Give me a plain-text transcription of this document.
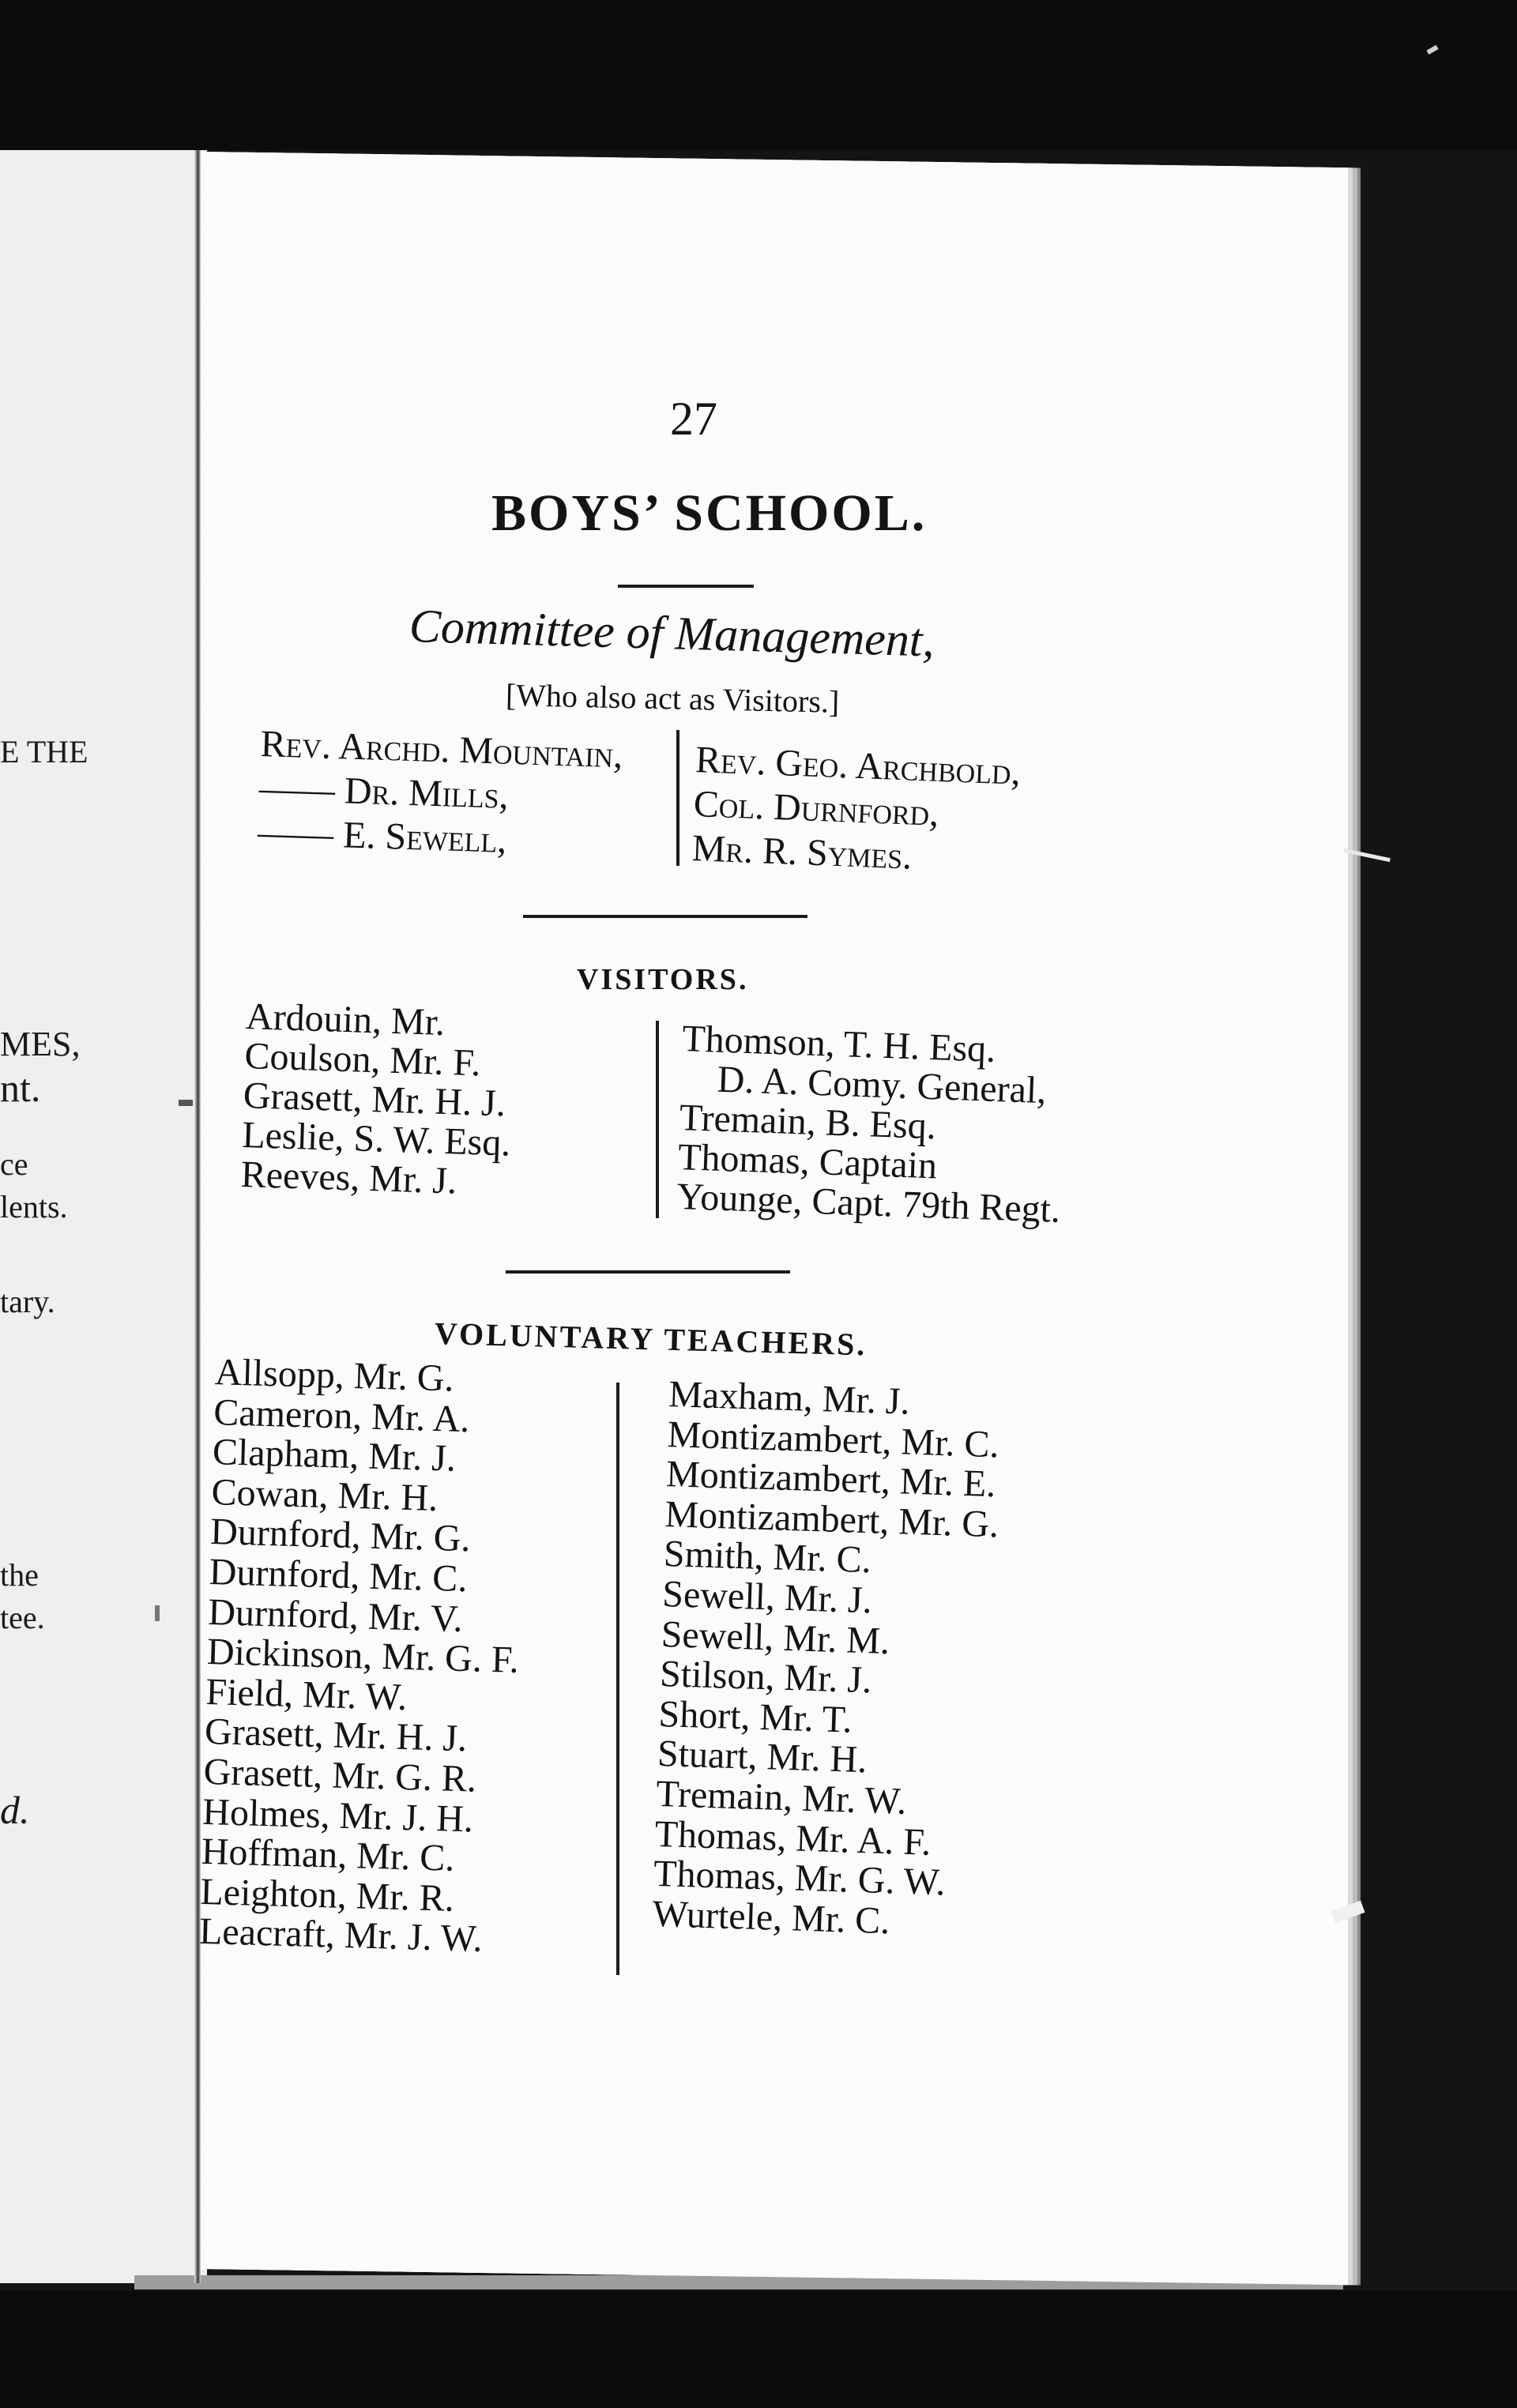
E THE
MES,
nt.
ce
lents.
tary.
the
tee.
d.
27
BOYS’ SCHOOL.
Committee of Management,
[Who also act as Visitors.]
Rev. Archd. Mountain,
—— Dr. Mills,
—— E. Sewell,
Rev. Geo. Archbold,
Col. Durnford,
Mr. R. Symes.
VISITORS.
Ardouin, Mr.
Coulson, Mr. F.
Grasett, Mr. H. J.
Leslie, S. W. Esq.
Reeves, Mr. J.
Thomson, T. H. Esq.
D. A. Comy. General,
Tremain, B. Esq.
Thomas, Captain
Younge, Capt. 79th Regt.
VOLUNTARY TEACHERS.
Allsopp, Mr. G.
Cameron, Mr. A.
Clapham, Mr. J.
Cowan, Mr. H.
Durnford, Mr. G.
Durnford, Mr. C.
Durnford, Mr. V.
Dickinson, Mr. G. F.
Field, Mr. W.
Grasett, Mr. H. J.
Grasett, Mr. G. R.
Holmes, Mr. J. H.
Hoffman, Mr. C.
Leighton, Mr. R.
Leacraft, Mr. J. W.
Maxham, Mr. J.
Montizambert, Mr. C.
Montizambert, Mr. E.
Montizambert, Mr. G.
Smith, Mr. C.
Sewell, Mr. J.
Sewell, Mr. M.
Stilson, Mr. J.
Short, Mr. T.
Stuart, Mr. H.
Tremain, Mr. W.
Thomas, Mr. A. F.
Thomas, Mr. G. W.
Wurtele, Mr. C.
